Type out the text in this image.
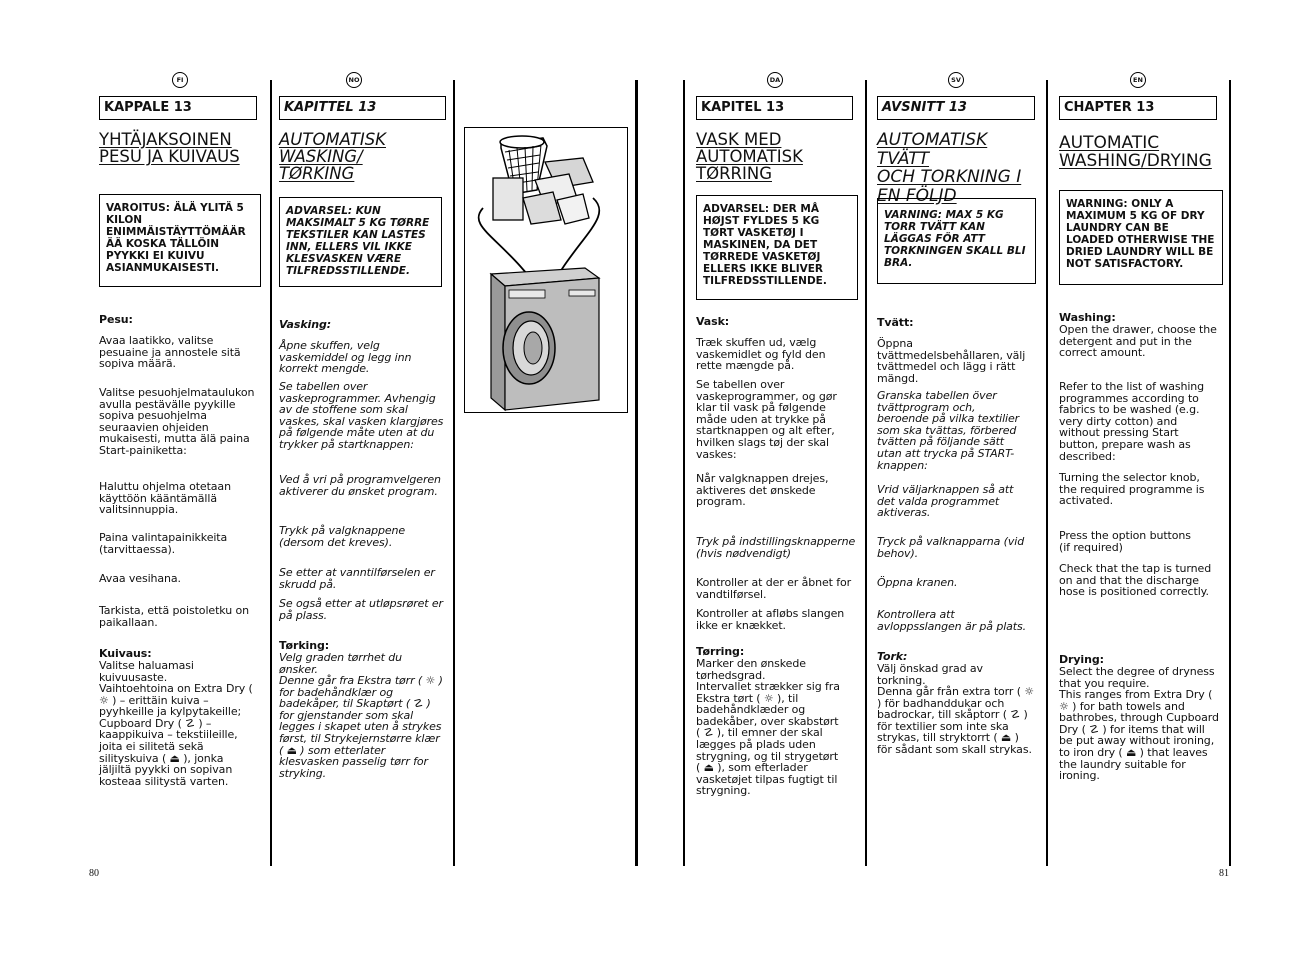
FI
KAPPALE 13
YHTÄJAKSOINEN
PESU JA KUIVAUS
VAROITUS: ÄLÄ YLITÄ 5 KILON ENIMMÄISTÄYTTÖMÄÄR ÄÄ KOSKA TÄLLÖIN PYYKKI EI KUIVU ASIANMUKAISESTI.
Pesu:
Avaa laatikko, valitse pesuaine ja annostele sitä sopiva määrä.
Valitse pesuohjelmataulukon avulla pestävälle pyykille sopiva pesuohjelma seuraavien ohjeiden mukaisesti, mutta älä paina Start-painiketta:
Haluttu ohjelma otetaan käyttöön kääntämällä valitsinnuppia.
Paina valintapainikkeita (tarvittaessa).
Avaa vesihana.
Tarkista, että poistoletku on paikallaan.
Kuivaus:
Valitse haluamasi kuivuusaste.
Vaihtoehtoina on Extra Dry ( ☼ ) – erittäin kuiva – pyyhkeille ja kylpytakeille; Cupboard Dry ( ☡ ) – kaappikuiva – tekstiileille, joita ei silitetä sekä silityskuiva ( ⏏ ), jonka jäljiltä pyykki on sopivan kosteaa silitystä varten.
NO
KAPITTEL 13
AUTOMATISK
WASKING/
TØRKING
ADVARSEL: KUN MAKSIMALT 5 KG TØRRE TEKSTILER KAN LASTES INN, ELLERS VIL IKKE KLESVASKEN VÆRE TILFREDSSTILLENDE.
Vasking:
Åpne skuffen, velg vaskemiddel og legg inn korrekt mengde.
Se tabellen over vaskeprogrammer. Avhengig av de stoffene som skal vaskes, skal vasken klargjøres på følgende måte uten at du trykker på startknappen:
Ved å vri på programvelgeren aktiverer du ønsket program.
Trykk på valgknappene (dersom det kreves).
Se etter at vanntilførselen er skrudd på.
Se også etter at utløpsrøret er på plass.
Tørking:
Velg graden tørrhet du ønsker.
Denne går fra Ekstra tørr ( ☼ ) for badehåndklær og badekåper, til Skaptørt ( ☡ ) for gjenstander som skal legges i skapet uten å strykes først, til Strykejernstørre klær ( ⏏ ) som etterlater klesvasken passelig tørr for stryking.
DA
KAPITEL 13
VASK MED
AUTOMATISK
TØRRING
ADVARSEL: DER MÅ HØJST FYLDES 5 KG TØRT VASKETØJ I MASKINEN, DA DET TØRREDE VASKETØJ ELLERS IKKE BLIVER TILFREDSSTILLENDE.
Vask:
Træk skuffen ud, vælg vaskemidlet og fyld den rette mængde på.
Se tabellen over vaskeprogrammer, og gør klar til vask på følgende måde uden at trykke på startknappen og alt efter, hvilken slags tøj der skal vaskes:
Når valgknappen drejes, aktiveres det ønskede program.
Tryk på indstillingsknapperne (hvis nødvendigt)
Kontroller at der er åbnet for vandtilførsel.
Kontroller at afløbs slangen ikke er knækket.
Tørring:
Marker den ønskede tørhedsgrad.
Intervallet strækker sig fra Ekstra tørt ( ☼ ), til badehåndklæder og badekåber, over skabstørt ( ☡ ), til emner der skal lægges på plads uden strygning, og til strygetørt ( ⏏ ), som efterlader vasketøjet tilpas fugtigt til strygning.
SV
AVSNITT 13
AUTOMATISK TVÄTT
OCH TORKNING I
EN FÖLJD
VARNING: MAX 5 KG TORR TVÄTT KAN LÄGGAS FÖR ATT TORKNINGEN SKALL BLI BRA.
Tvätt:
Öppna tvättmedelsbehållaren, välj tvättmedel och lägg i rätt mängd.
Granska tabellen över tvättprogram och, beroende på vilka textilier som ska tvättas, förbered tvätten på följande sätt utan att trycka på START-knappen:
Vrid väljarknappen så att det valda programmet aktiveras.
Tryck på valknapparna (vid behov).
Öppna kranen.
Kontrollera att avloppsslangen är på plats.
Tork:
Välj önskad grad av torkning.
Denna går från extra torr ( ☼ ) för badhanddukar och badrockar, till skåptorr ( ☡ ) för textilier som inte ska strykas, till stryktorrt ( ⏏ ) för sådant som skall strykas.
EN
CHAPTER 13
AUTOMATIC
WASHING/DRYING
WARNING: ONLY A MAXIMUM 5 KG OF DRY LAUNDRY CAN BE LOADED OTHERWISE THE DRIED LAUNDRY WILL BE NOT SATISFACTORY.
Washing:
Open the drawer, choose the detergent and put in the correct amount.
Refer to the list of washing programmes according to fabrics to be washed (e.g. very dirty cotton) and without pressing Start button, prepare wash as described:
Turning the selector knob, the required programme is activated.
Press the option buttons (if required)
Check that the tap is turned on and that the discharge hose is positioned correctly.
Drying:
Select the degree of dryness that you require.
This ranges from Extra Dry ( ☼ ) for bath towels and bathrobes, through Cupboard Dry ( ☡ ) for items that will be put away without ironing, to iron dry ( ⏏ ) that leaves the laundry suitable for ironing.
80	81
